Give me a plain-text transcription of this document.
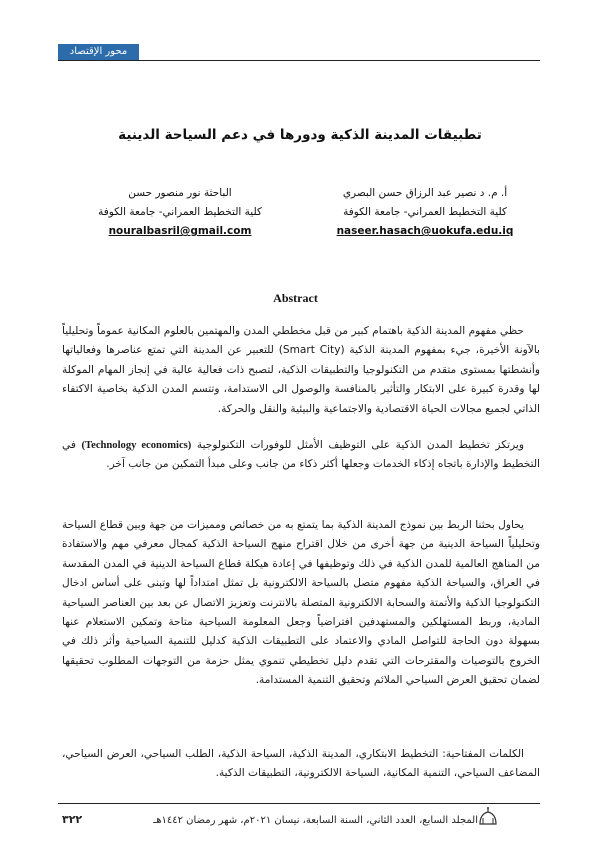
محور الإقتصاد
تطبيقات المدينة الذكية ودورها في دعم السياحة الدينية
أ. م. د نصير عبد الرزاق حسن البصري
كلية التخطيط العمراني- جامعة الكوفة
naseer.hasach@uokufa.edu.iq
الباحثة نور منصور حسن
كلية التخطيط العمراني- جامعة الكوفة
nouralbasril@gmail.com
Abstract
حظي مفهوم المدينة الذكية باهتمام كبير من قبل مخططي المدن والمهتمين بالعلوم المكانية عموماً وتحليلياً بالآونة الأخيرة، جيء بمفهوم المدينة الذكية (Smart City) للتعبير عن المدينة التي تمتع عناصرها وفعالياتها وأنشطتها بمستوى متقدم من التكنولوجيا والتطبيقات الذكية، لتصبح ذات فعالية عالية في إنجاز المهام الموكلة لها وقدرة كبيرة على الابتكار والتأثير بالمنافسة والوصول الى الاستدامة، وتتسم المدن الذكية بخاصية الاكتفاء الذاتي لجميع مجالات الحياة الاقتصادية والاجتماعية والبيئية والنقل والحركة.
ويرتكز تخطيط المدن الذكية على التوظيف الأمثل للوفورات التكنولوجية (Technology economics) في التخطيط والإدارة باتجاه إذكاء الخدمات وجعلها أكثر ذكاء من جانب وعلى مبدأ التمكين من جانب آخر.
يحاول بحثنا الربط بين نموذج المدينة الذكية بما يتمتع به من خصائص ومميزات من جهة وبين قطاع السياحة وتحليلياً السياحة الدينية من جهة أخرى من خلال اقتراح منهج السياحة الذكية كمجال معرفي مهم والاستفادة من المناهج العالمية للمدن الذكية في ذلك وتوظيفها في إعادة هيكلة قطاع السياحة الدينية في المدن المقدسة في العراق، والسياحة الذكية مفهوم متصل بالسياحة الالكترونية بل تمثل امتداداً لها وتبنى على أساس ادخال التكنولوجيا الذكية والأتمتة والسحابة الالكترونية المتصلة بالانترنت وتعزيز الاتصال عن بعد بين العناصر السياحية المادية، وربط المستهلكين والمستهدفين افتراضياً وجعل المعلومة السياحية متاحة وتمكين الاستعلام عنها بسهولة دون الحاجة للتواصل المادي والاعتماد على التطبيقات الذكية كدليل للتنمية السياحية وأثر ذلك في الخروج بالتوصيات والمقترحات التي تقدم دليل تخطيطي تنموي يمثل حزمة من التوجهات المطلوب تحقيقها لضمان تحقيق العرض السياحي الملائم وتحقيق التنمية المستدامة.
الكلمات المفتاحية: التخطيط الابتكاري، المدينة الذكية، السياحة الذكية، الطلب السياحي، العرض السياحي، المضاعف السياحي، التنمية المكانية، السياحة الالكترونية، التطبيقات الذكية.
المجلد السابع، العدد الثاني، السنة السابعة، نيسان ٢٠٢١م، شهر رمضان ١٤٤٢هـ
٣٢٢
